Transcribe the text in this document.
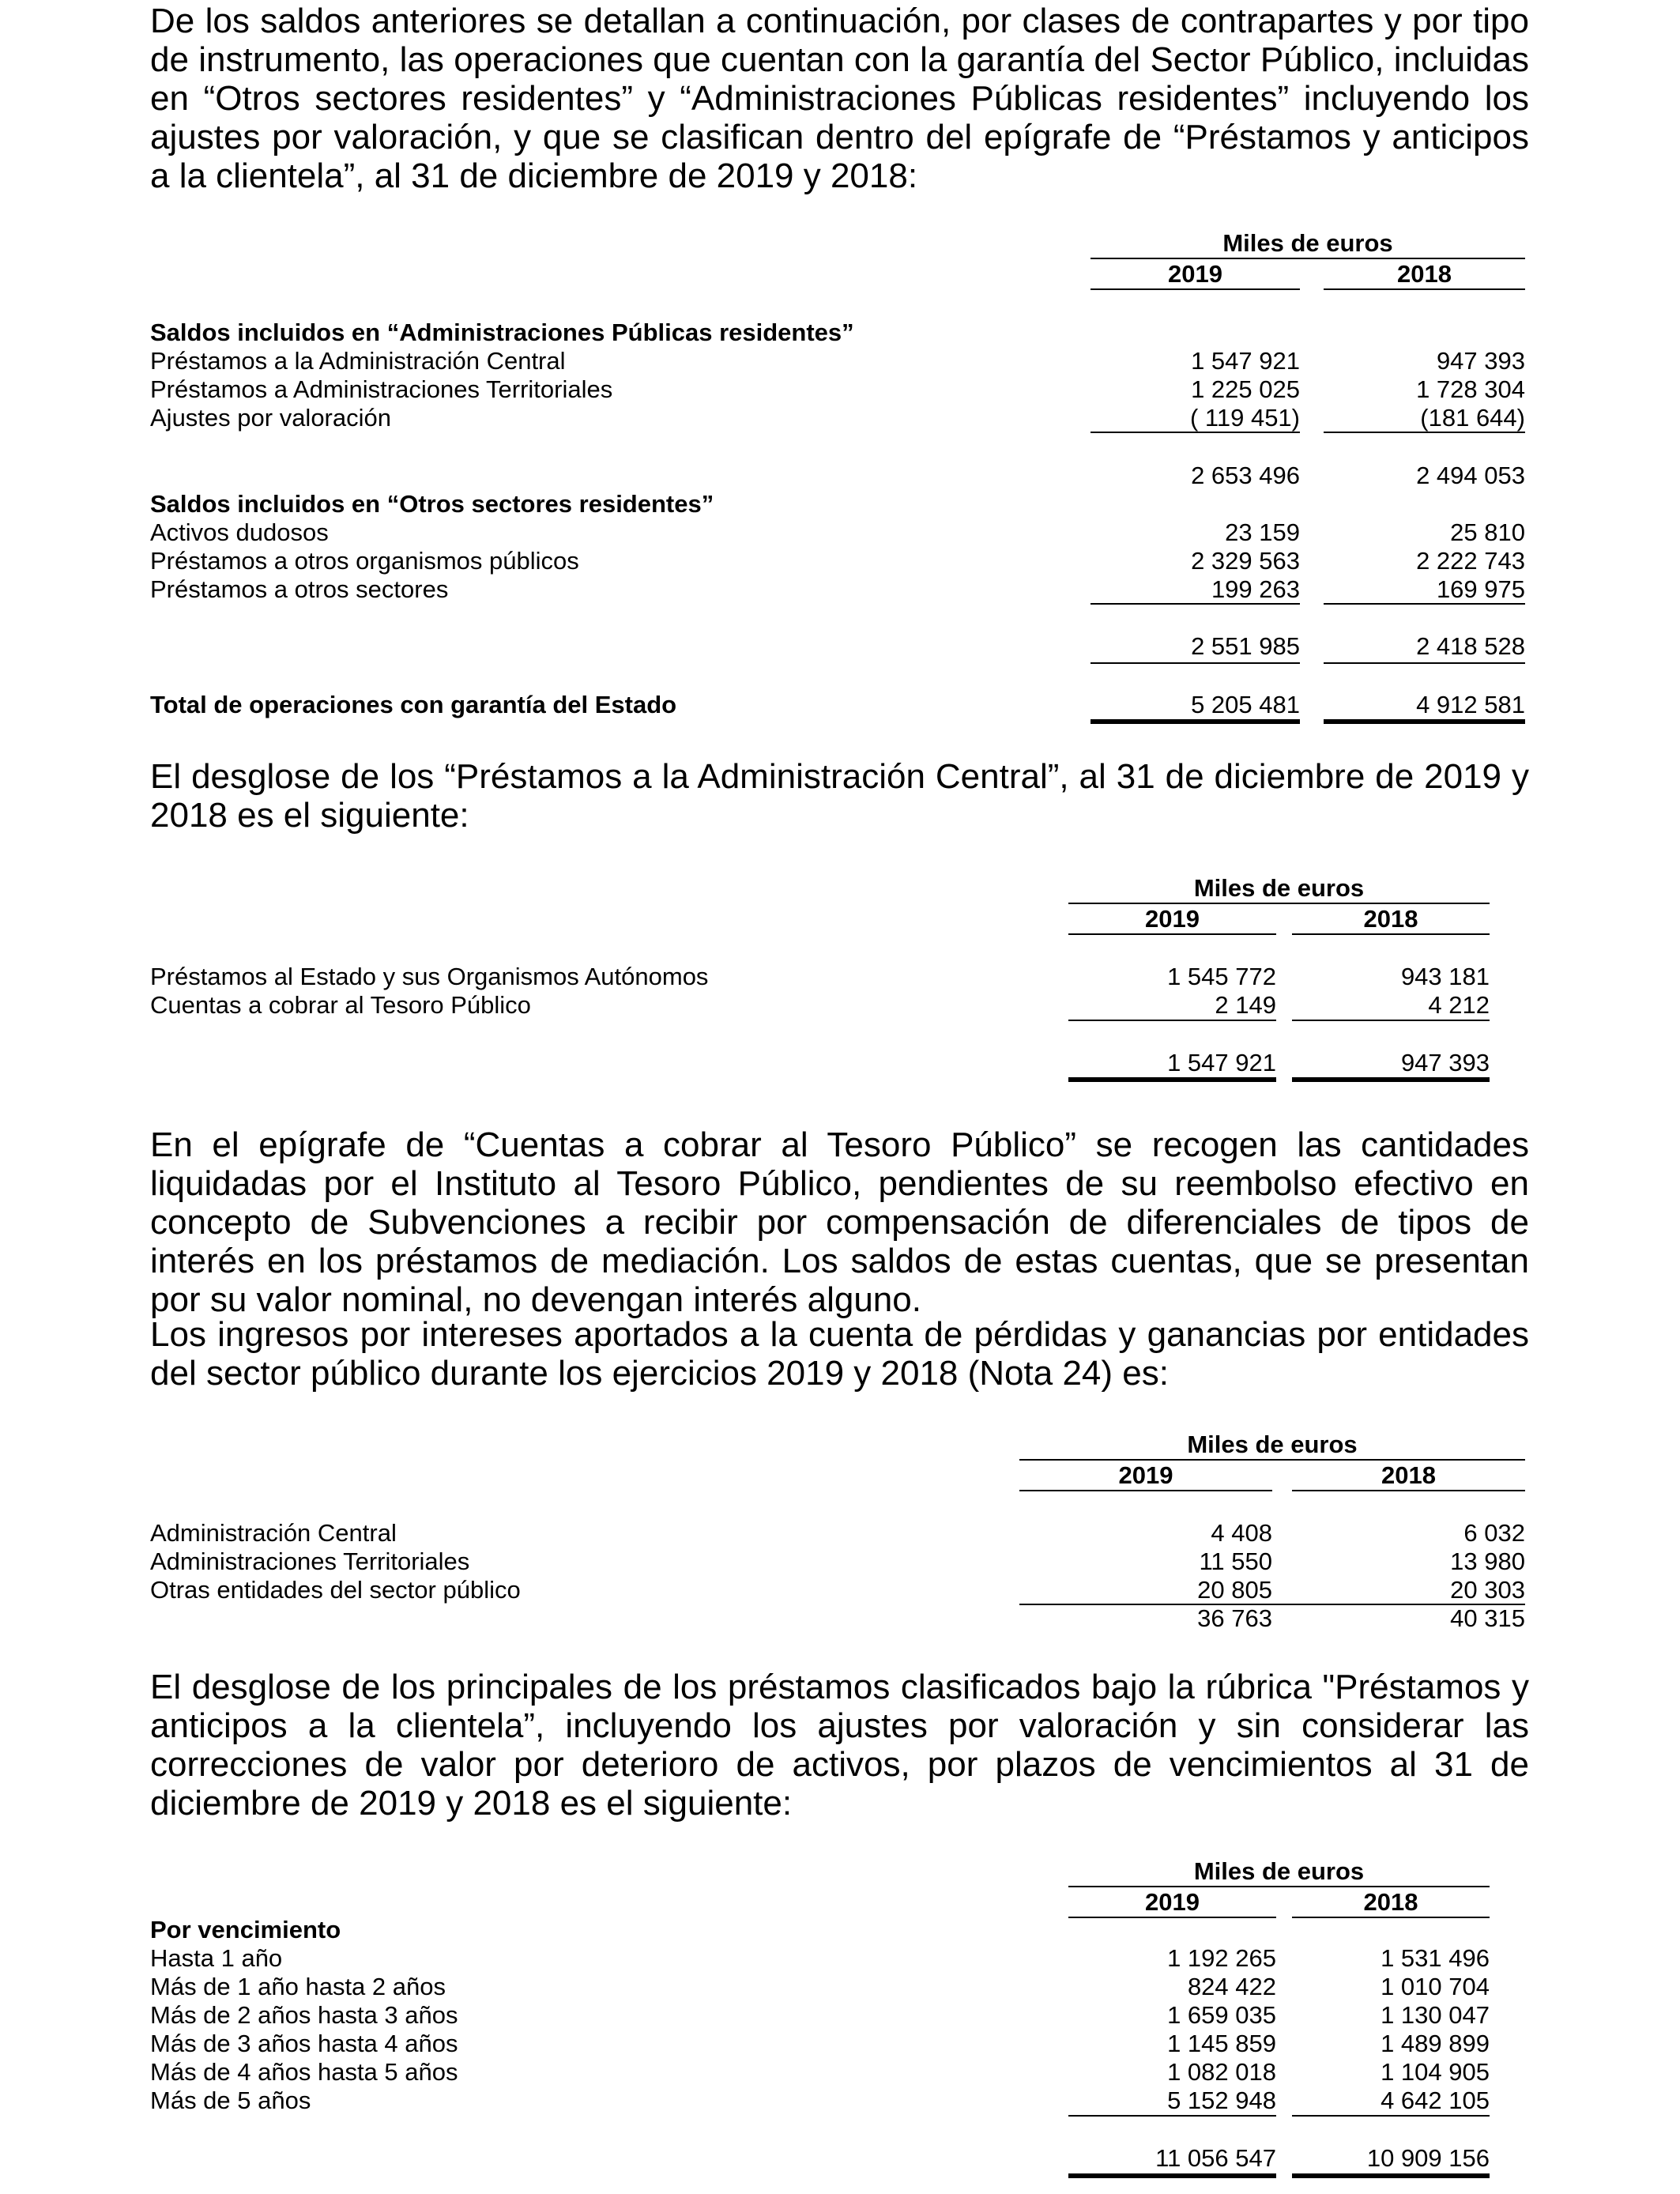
De los saldos anteriores se detallan a continuación, por clases de contrapartes y por tipo de instrumento, las operaciones que cuentan con la garantía del Sector Público, incluidas en “Otros sectores residentes” y “Administraciones Públicas residentes” incluyendo los ajustes por valoración, y que se clasifican dentro del epígrafe de “Préstamos y anticipos a la clientela”, al 31 de diciembre de 2019 y 2018:

Miles de euros
2019	2018
Saldos incluidos en “Administraciones Públicas residentes”
Préstamos a la Administración Central	1 547 921	947 393
Préstamos a Administraciones Territoriales	1 225 025	1 728 304
Ajustes por valoración	( 119 451)	(181 644)
2 653 496	2 494 053
Saldos incluidos en “Otros sectores residentes”
Activos dudosos	23 159	25 810
Préstamos a otros organismos públicos	2 329 563	2 222 743
Préstamos a otros sectores	199 263	169 975
2 551 985	2 418 528
Total de operaciones con garantía del Estado	5 205 481	4 912 581

El desglose de los “Préstamos a la Administración Central”, al 31 de diciembre de 2019 y 2018 es el siguiente:

Miles de euros
2019	2018
Préstamos al Estado y sus Organismos Autónomos	1 545 772	943 181
Cuentas a cobrar al Tesoro Público	2 149	4 212
1 547 921	947 393

En el epígrafe de “Cuentas a cobrar al Tesoro Público” se recogen las cantidades liquidadas por el Instituto al Tesoro Público, pendientes de su reembolso efectivo en concepto de Subvenciones a recibir por compensación de diferenciales de tipos de interés en los préstamos de mediación. Los saldos de estas cuentas, que se presentan por su valor nominal, no devengan interés alguno.

Los ingresos por intereses aportados a la cuenta de pérdidas y ganancias por entidades del sector público durante los ejercicios 2019 y 2018 (Nota 24) es:

Miles de euros
2019	2018
Administración Central	4 408	6 032
Administraciones Territoriales	11 550	13 980
Otras entidades del sector público	20 805	20 303
36 763	40 315

El desglose de los principales de los préstamos clasificados bajo la rúbrica "Préstamos y anticipos a la clientela”, incluyendo los ajustes por valoración y sin considerar las correcciones de valor por deterioro de activos, por plazos de vencimientos al 31 de diciembre de 2019 y 2018 es el siguiente:

Miles de euros
2019	2018
Por vencimiento
Hasta 1 año	1 192 265	1 531 496
Más de 1 año hasta 2 años	824 422	1 010 704
Más de 2 años hasta 3 años	1 659 035	1 130 047
Más de 3 años hasta 4 años	1 145 859	1 489 899
Más de 4 años hasta 5 años	1 082 018	1 104 905
Más de 5 años	5 152 948	4 642 105
11 056 547	10 909 156
